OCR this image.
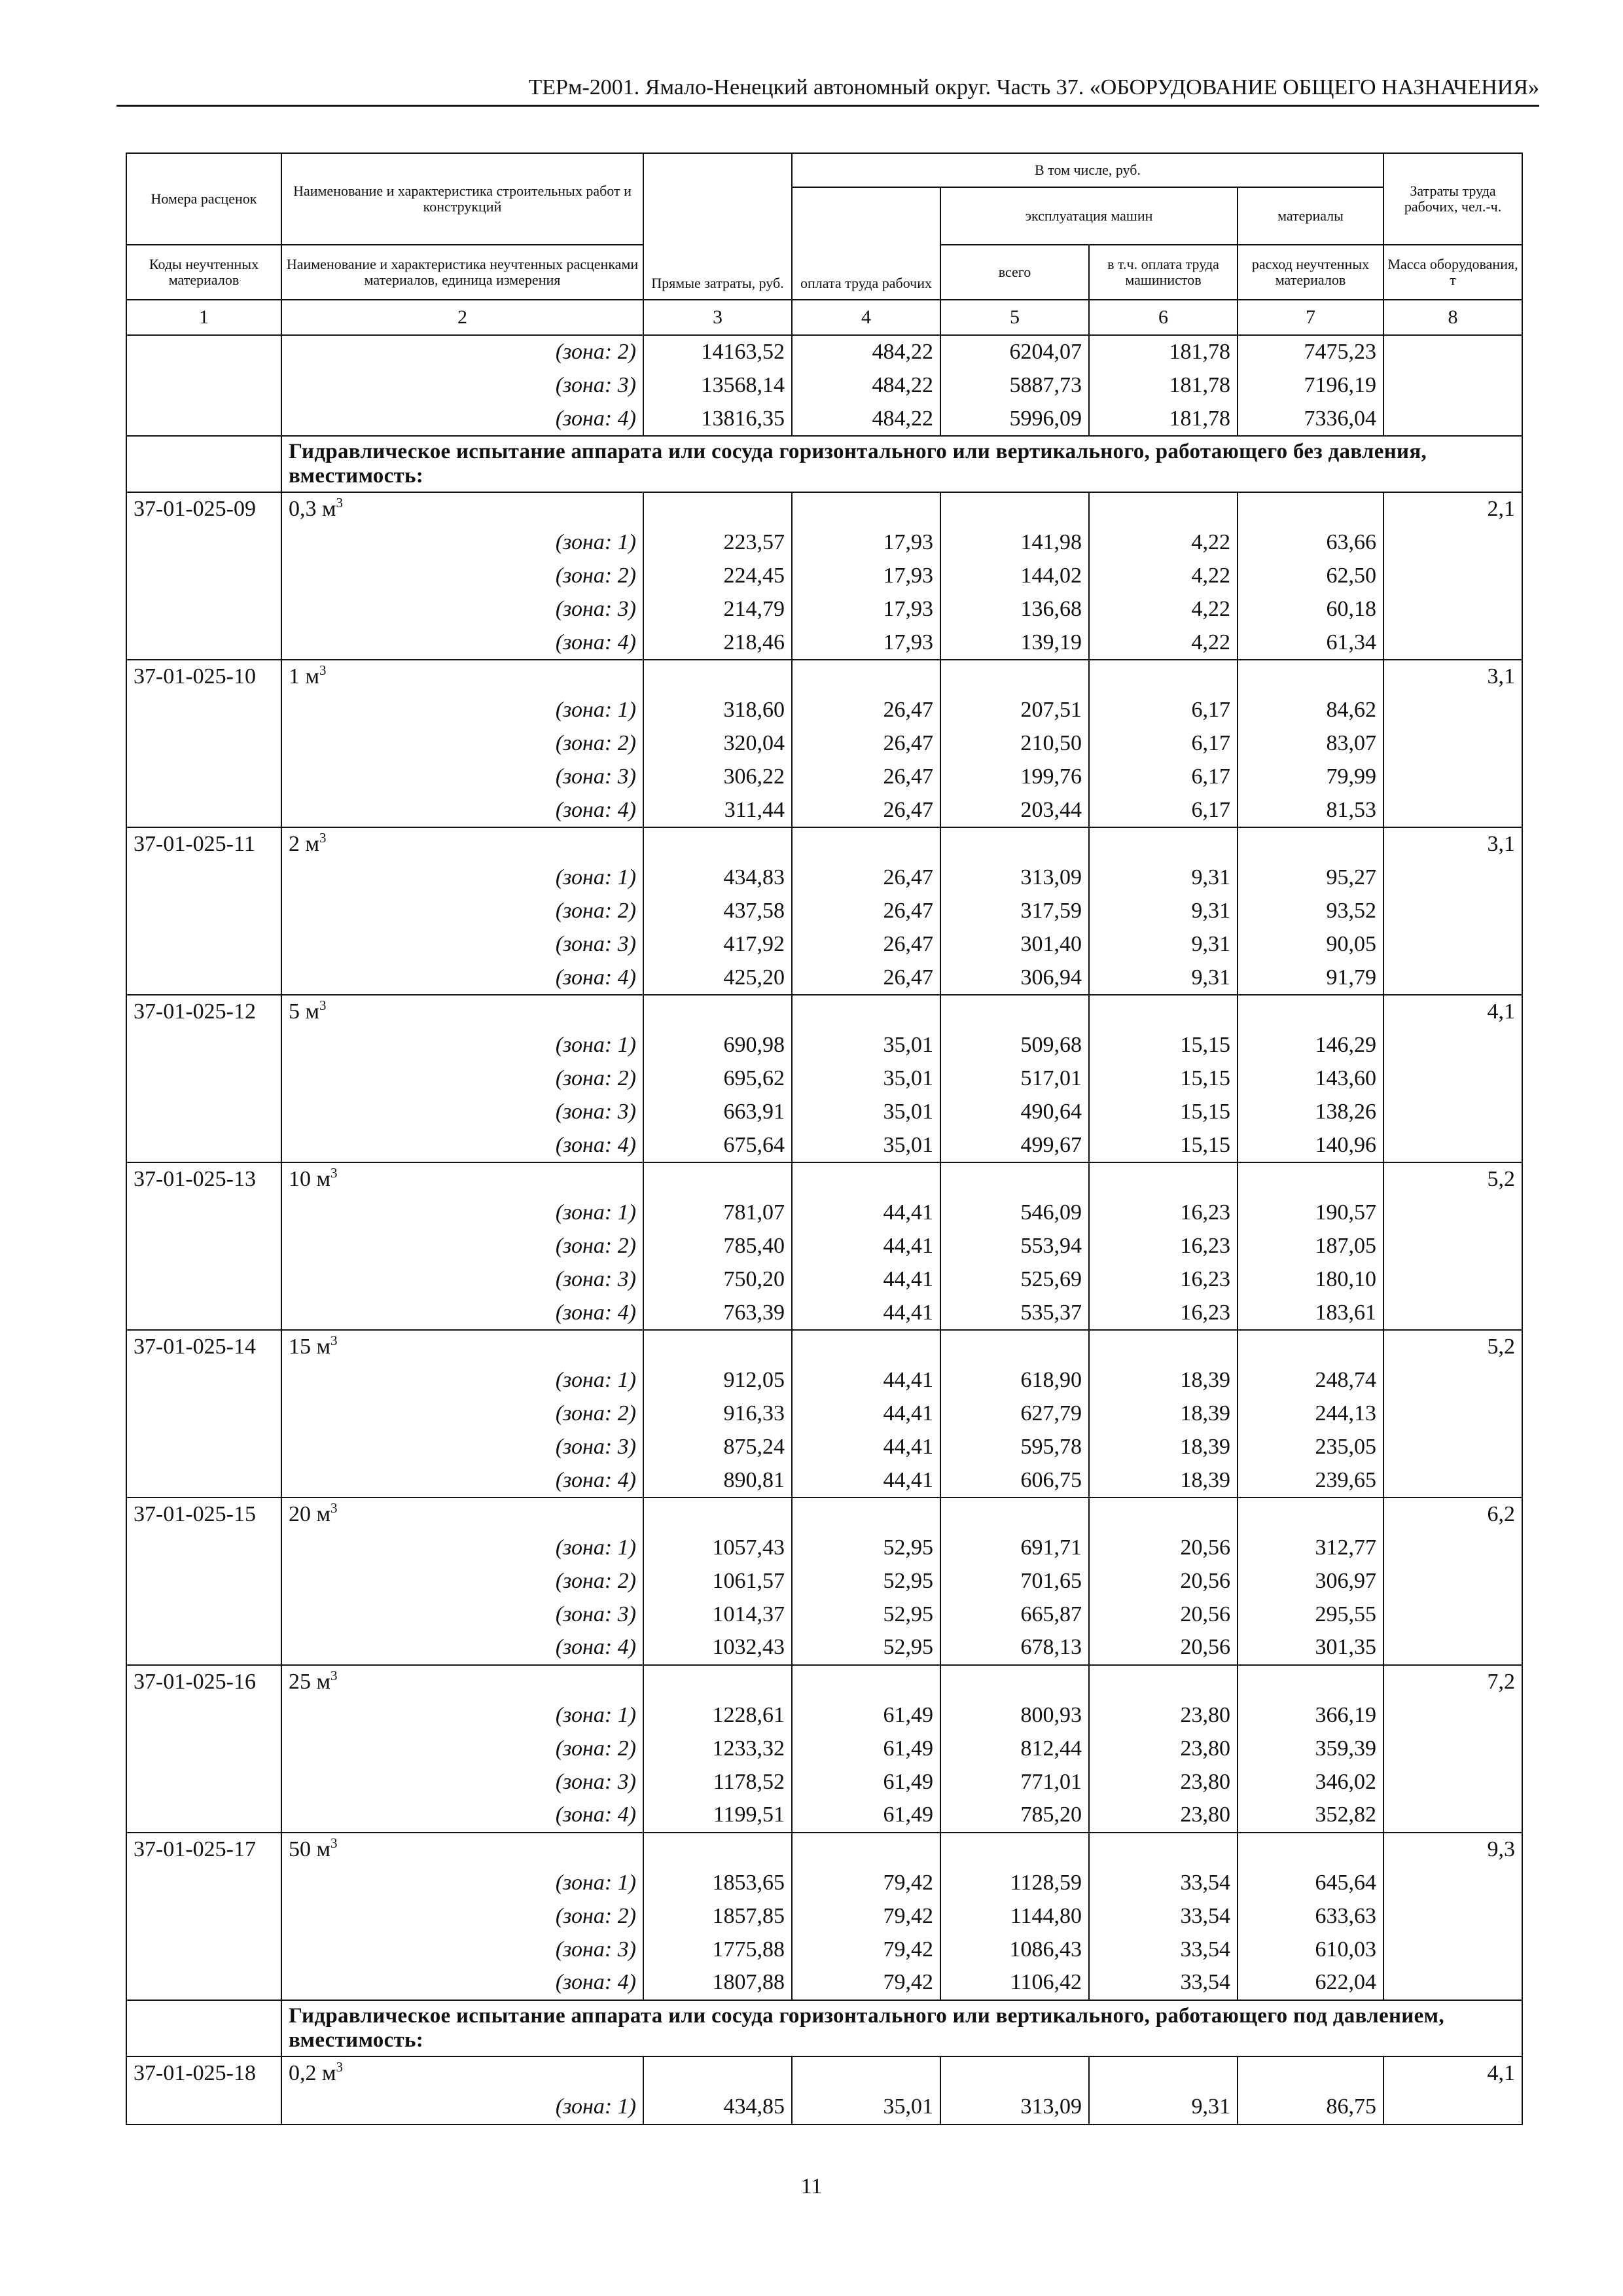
ТЕРм-2001. Ямало-Ненецкий автономный округ. Часть 37. «ОБОРУДОВАНИЕ ОБЩЕГО НАЗНАЧЕНИЯ»
Номера расценок	Наименование и характеристика строительных работ и конструкций	Прямые затраты, руб.	В том числе, руб.				Затраты труда рабочих, чел.-ч.
			оплата труда рабочих	эксплуатация машин		материалы	
Коды неучтенных материалов	Наименование и характеристика неучтенных расценками материалов, единица измерения			всего	в т.ч. оплата труда машинистов	расход неучтенных материалов	Масса оборудования, т
1	2	3	4	5	6	7	8
	(зона: 2)	14163,52	484,22	6204,07	181,78	7475,23	
	(зона: 3)	13568,14	484,22	5887,73	181,78	7196,19	
	(зона: 4)	13816,35	484,22	5996,09	181,78	7336,04	
	Гидравлическое испытание аппарата или сосуда горизонтального или вертикального, работающего без давления, вместимость:						
37-01-025-09	0,3 $м^3$						2,1
	(зона: 1)	223,57	17,93	141,98	4,22	63,66	
	(зона: 2)	224,45	17,93	144,02	4,22	62,50	
	(зона: 3)	214,79	17,93	136,68	4,22	60,18	
	(зона: 4)	218,46	17,93	139,19	4,22	61,34	
37-01-025-10	1 $м^3$						3,1
	(зона: 1)	318,60	26,47	207,51	6,17	84,62	
	(зона: 2)	320,04	26,47	210,50	6,17	83,07	
	(зона: 3)	306,22	26,47	199,76	6,17	79,99	
	(зона: 4)	311,44	26,47	203,44	6,17	81,53	
37-01-025-11	2 $м^3$						3,1
	(зона: 1)	434,83	26,47	313,09	9,31	95,27	
	(зона: 2)	437,58	26,47	317,59	9,31	93,52	
	(зона: 3)	417,92	26,47	301,40	9,31	90,05	
	(зона: 4)	425,20	26,47	306,94	9,31	91,79	
37-01-025-12	5 $м^3$						4,1
	(зона: 1)	690,98	35,01	509,68	15,15	146,29	
	(зона: 2)	695,62	35,01	517,01	15,15	143,60	
	(зона: 3)	663,91	35,01	490,64	15,15	138,26	
	(зона: 4)	675,64	35,01	499,67	15,15	140,96	
37-01-025-13	10 $м^3$						5,2
	(зона: 1)	781,07	44,41	546,09	16,23	190,57	
	(зона: 2)	785,40	44,41	553,94	16,23	187,05	
	(зона: 3)	750,20	44,41	525,69	16,23	180,10	
	(зона: 4)	763,39	44,41	535,37	16,23	183,61	
37-01-025-14	15 $м^3$						5,2
	(зона: 1)	912,05	44,41	618,90	18,39	248,74	
	(зона: 2)	916,33	44,41	627,79	18,39	244,13	
	(зона: 3)	875,24	44,41	595,78	18,39	235,05	
	(зона: 4)	890,81	44,41	606,75	18,39	239,65	
37-01-025-15	20 $м^3$						6,2
	(зона: 1)	1057,43	52,95	691,71	20,56	312,77	
	(зона: 2)	1061,57	52,95	701,65	20,56	306,97	
	(зона: 3)	1014,37	52,95	665,87	20,56	295,55	
	(зона: 4)	1032,43	52,95	678,13	20,56	301,35	
37-01-025-16	25 $м^3$						7,2
	(зона: 1)	1228,61	61,49	800,93	23,80	366,19	
	(зона: 2)	1233,32	61,49	812,44	23,80	359,39	
	(зона: 3)	1178,52	61,49	771,01	23,80	346,02	
	(зона: 4)	1199,51	61,49	785,20	23,80	352,82	
37-01-025-17	50 $м^3$						9,3
	(зона: 1)	1853,65	79,42	1128,59	33,54	645,64	
	(зона: 2)	1857,85	79,42	1144,80	33,54	633,63	
	(зона: 3)	1775,88	79,42	1086,43	33,54	610,03	
	(зона: 4)	1807,88	79,42	1106,42	33,54	622,04	
	Гидравлическое испытание аппарата или сосуда горизонтального или вертикального, работающего под давлением, вместимость:						
37-01-025-18	0,2 $м^3$						4,1
	(зона: 1)	434,85	35,01	313,09	9,31	86,75	
11
